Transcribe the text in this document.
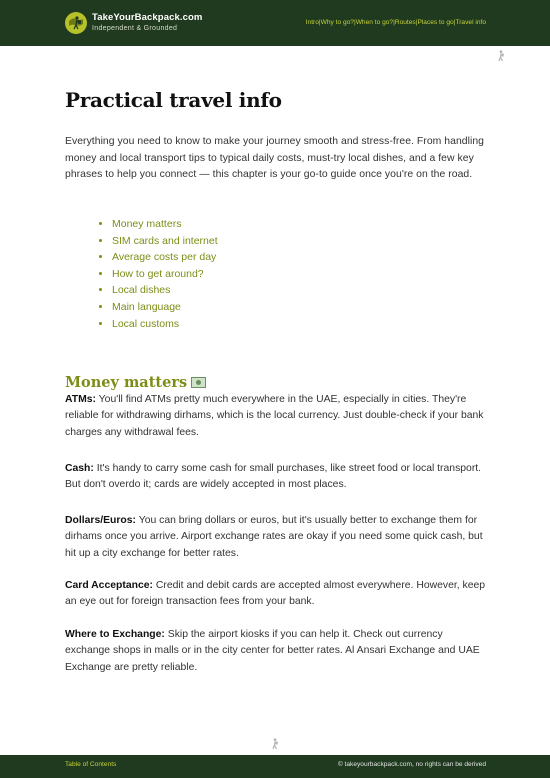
TakeYourBackpack.com
Independent & Grounded
Intro | Why to go? | When to go? | Routes | Places to go | Travel info
Practical travel info
Everything you need to know to make your journey smooth and stress-free. From handling money and local transport tips to typical daily costs, must-try local dishes, and a few key phrases to help you connect — this chapter is your go-to guide once you're on the road.
• Money matters
• SIM cards and internet
• Average costs per day
• How to get around?
• Local dishes
• Main language
• Local customs
Money matters
ATMs: You'll find ATMs pretty much everywhere in the UAE, especially in cities. They're reliable for withdrawing dirhams, which is the local currency. Just double-check if your bank charges any withdrawal fees.
Cash: It's handy to carry some cash for small purchases, like street food or local transport. But don't overdo it; cards are widely accepted in most places.
Dollars/Euros: You can bring dollars or euros, but it's usually better to exchange them for dirhams once you arrive. Airport exchange rates are okay if you need some quick cash, but hit up a city exchange for better rates.
Card Acceptance: Credit and debit cards are accepted almost everywhere. However, keep an eye out for foreign transaction fees from your bank.
Where to Exchange: Skip the airport kiosks if you can help it. Check out currency exchange shops in malls or in the city center for better rates. Al Ansari Exchange and UAE Exchange are pretty reliable.
Table of Contents	© takeyourbackpack.com, no rights can be derived
